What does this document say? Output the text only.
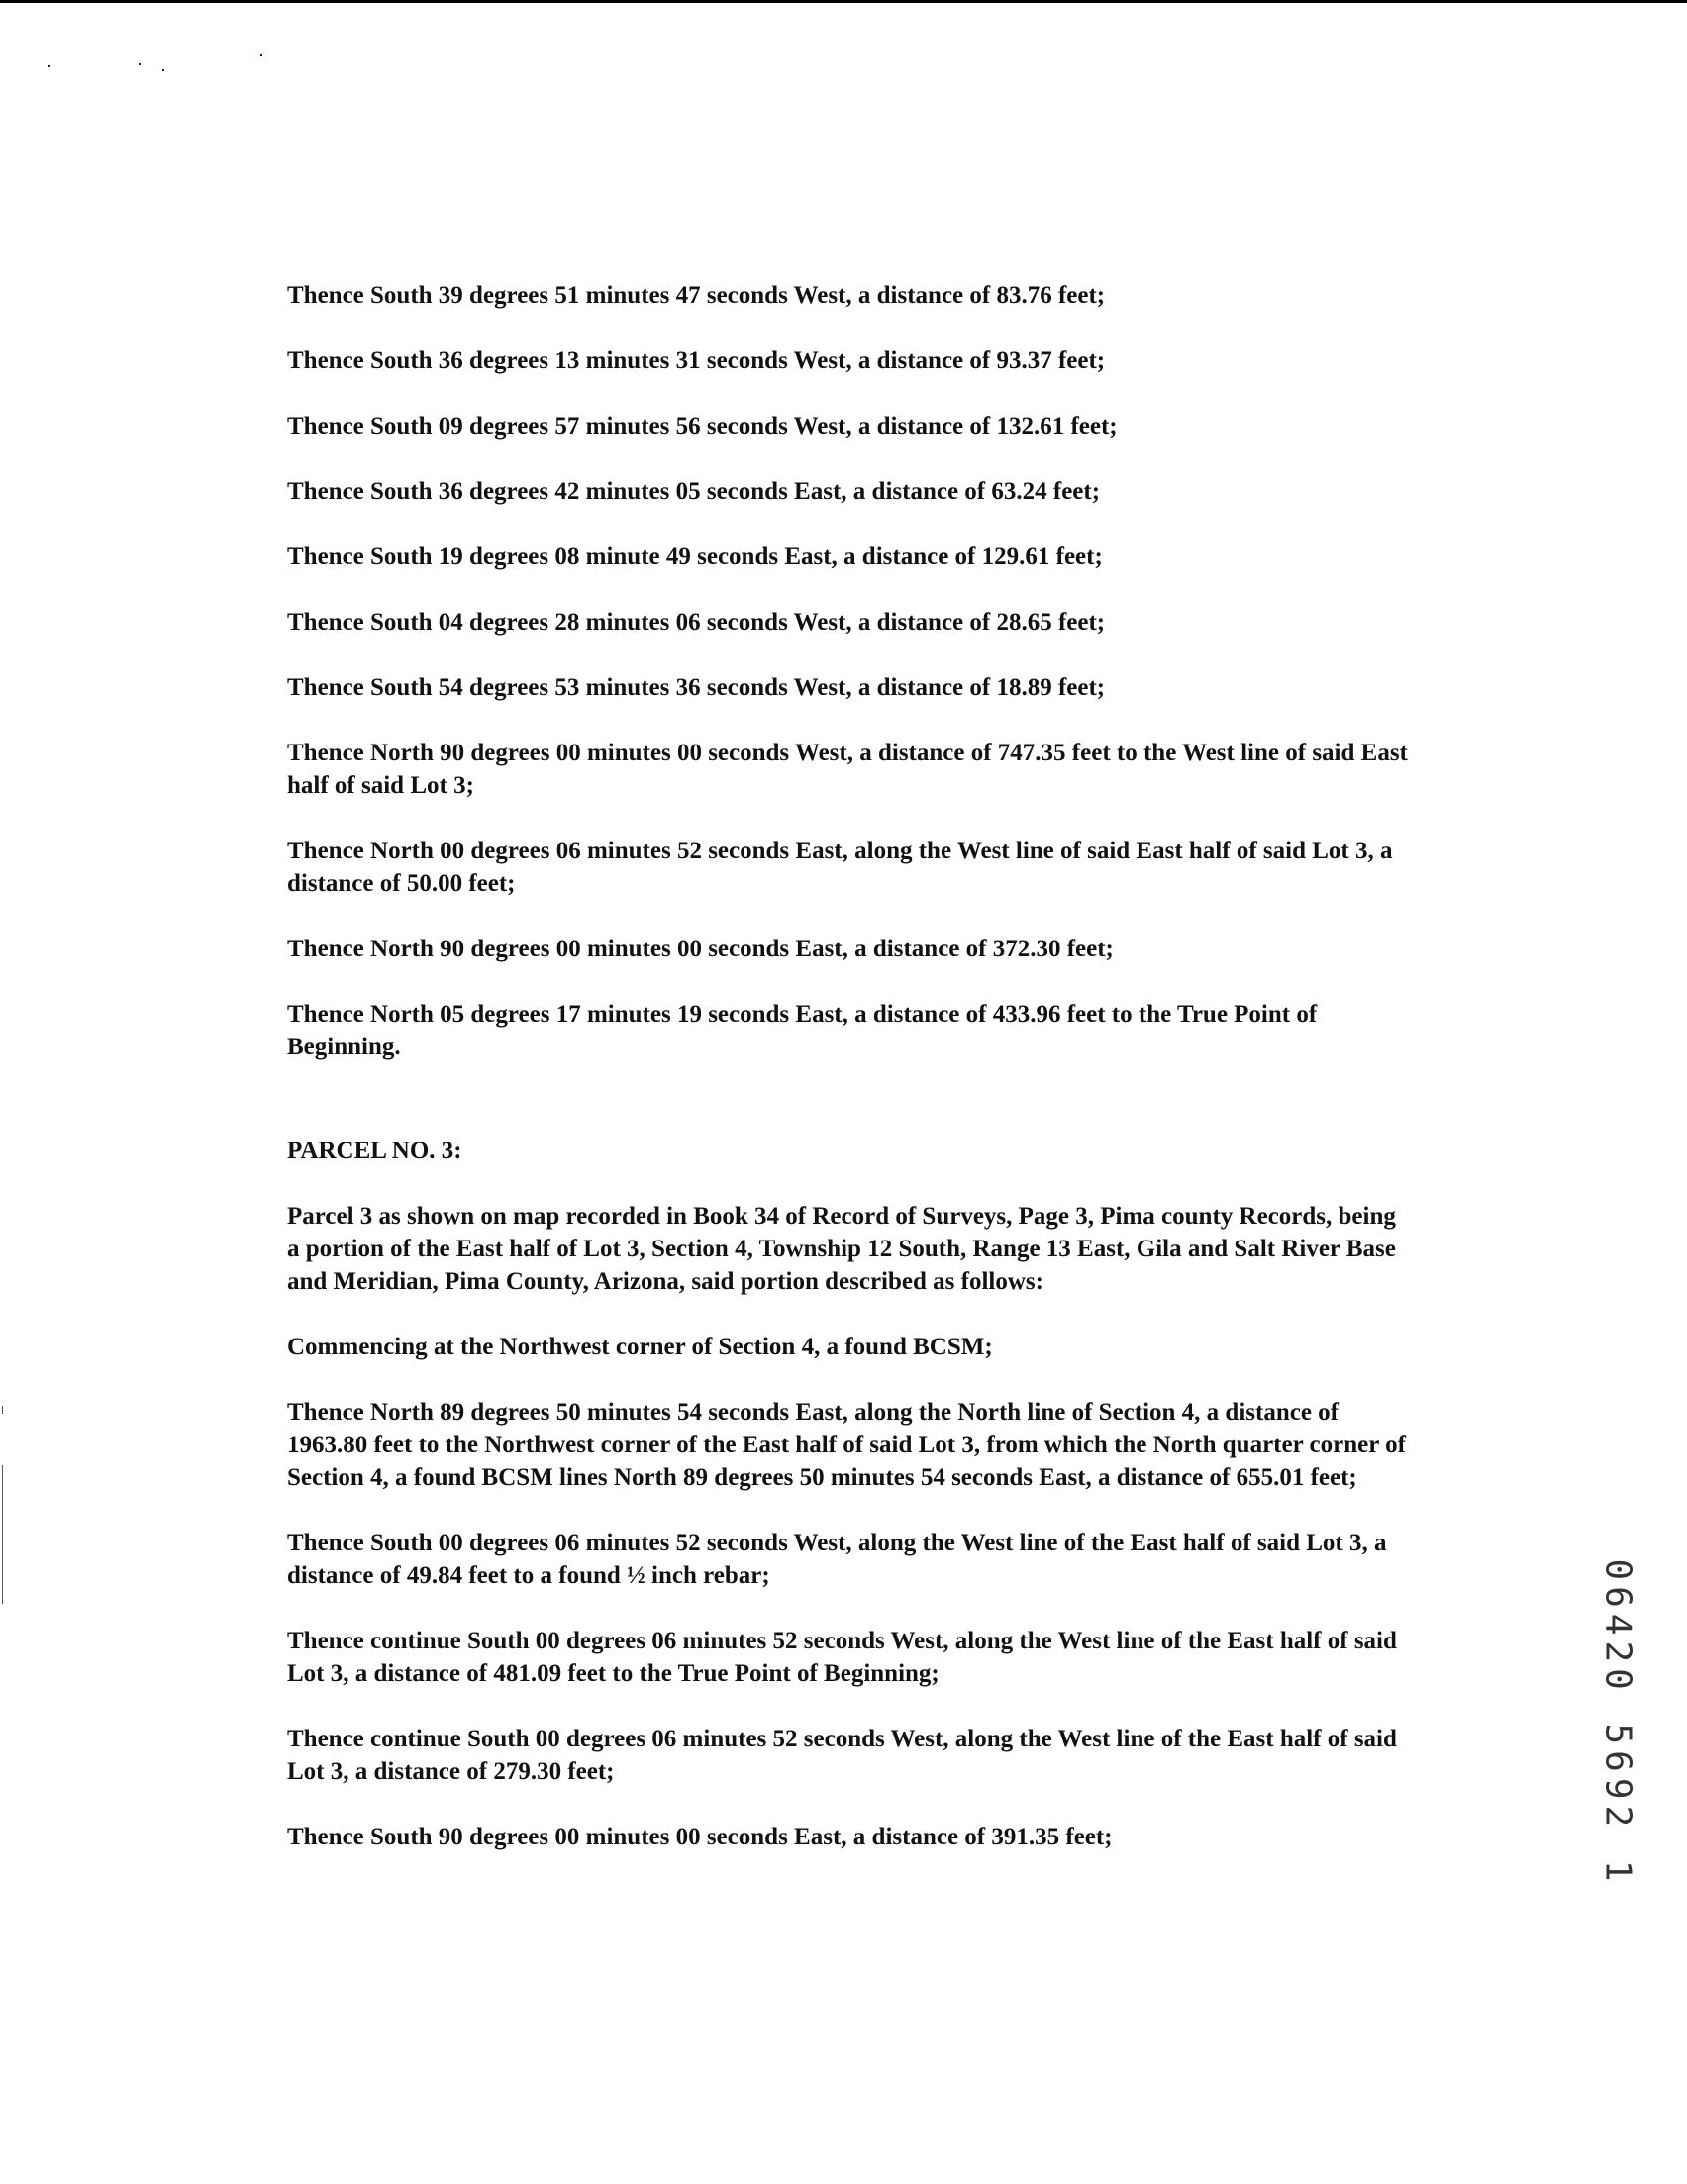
Thence South 39 degrees 51 minutes 47 seconds West, a distance of 83.76 feet;

Thence South 36 degrees 13 minutes 31 seconds West, a distance of 93.37 feet;

Thence South 09 degrees 57 minutes 56 seconds West, a distance of 132.61 feet;

Thence South 36 degrees 42 minutes 05 seconds East, a distance of 63.24 feet;

Thence South 19 degrees 08 minute 49 seconds East, a distance of 129.61 feet;

Thence South 04 degrees 28 minutes 06 seconds West, a distance of 28.65 feet;

Thence South 54 degrees 53 minutes 36 seconds West, a distance of 18.89 feet;

Thence North 90 degrees 00 minutes 00 seconds West, a distance of 747.35 feet to the West line of said East half of said Lot 3;

Thence North 00 degrees 06 minutes 52 seconds East, along the West line of said East half of said Lot 3, a distance of 50.00 feet;

Thence North 90 degrees 00 minutes 00 seconds East, a distance of 372.30 feet;

Thence North 05 degrees 17 minutes 19 seconds East, a distance of 433.96 feet to the True Point of Beginning.

PARCEL NO. 3:

Parcel 3 as shown on map recorded in Book 34 of Record of Surveys, Page 3, Pima county Records, being a portion of the East half of Lot 3, Section 4, Township 12 South, Range 13 East, Gila and Salt River Base and Meridian, Pima County, Arizona, said portion described as follows:

Commencing at the Northwest corner of Section 4, a found BCSM;

Thence North 89 degrees 50 minutes 54 seconds East, along the North line of Section 4, a distance of 1963.80 feet to the Northwest corner of the East half of said Lot 3, from which the North quarter corner of Section 4, a found BCSM lines North 89 degrees 50 minutes 54 seconds East, a distance of 655.01 feet;

Thence South 00 degrees 06 minutes 52 seconds West, along the West line of the East half of said Lot 3, a distance of 49.84 feet to a found ½ inch rebar;

Thence continue South 00 degrees 06 minutes 52 seconds West, along the West line of the East half of said Lot 3, a distance of 481.09 feet to the True Point of Beginning;

Thence continue South 00 degrees 06 minutes 52 seconds West, along the West line of the East half of said Lot 3, a distance of 279.30 feet;

Thence South 90 degrees 00 minutes 00 seconds East, a distance of 391.35 feet;	06420 5692 1
